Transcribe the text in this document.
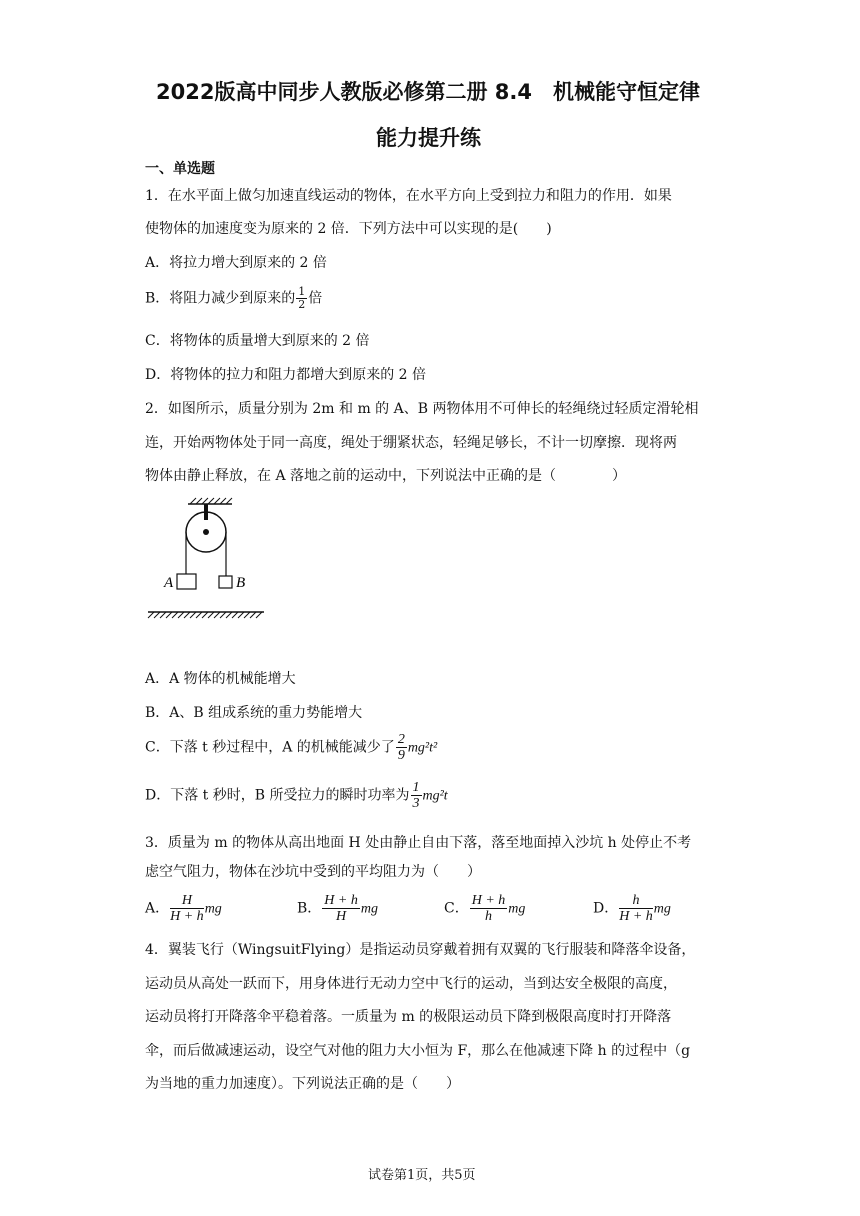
2022版高中同步人教版必修第二册 8.4　机械能守恒定律
能力提升练
一、单选题
1．在水平面上做匀加速直线运动的物体，在水平方向上受到拉力和阻力的作用．如果
使物体的加速度变为原来的 2 倍．下列方法中可以实现的是(　　)
A．将拉力增大到原来的 2 倍
B．将阻力减少到原来的 $\frac{1}{2}$ 倍
C．将物体的质量增大到原来的 2 倍
D．将物体的拉力和阻力都增大到原来的 2 倍
2．如图所示，质量分别为 2m 和 m 的 A、B 两物体用不可伸长的轻绳绕过轻质定滑轮相
连，开始两物体处于同一高度，绳处于绷紧状态，轻绳足够长，不计一切摩擦．现将两
物体由静止释放，在 A 落地之前的运动中，下列说法中正确的是（　　　　）
A	B
A．A 物体的机械能增大
B．A、B 组成系统的重力势能增大
C．下落 t 秒过程中，A 的机械能减少了 $\frac{2}{9} mg^2t^2$
D．下落 t 秒时，B 所受拉力的瞬时功率为 $\frac{1}{3} mg^2t$
3．质量为 m 的物体从高出地面 H 处由静止自由下落，落至地面掉入沙坑 h 处停止不考
虑空气阻力，物体在沙坑中受到的平均阻力为（　　）
A． $\frac{H}{H + h}$ mg	B． $\frac{H + h}{H}$ mg	C． $\frac{H + h}{h}$ mg	D． $\frac{h}{H + h}$ mg
4．翼装飞行（WingsuitFlying）是指运动员穿戴着拥有双翼的飞行服装和降落伞设备，
运动员从高处一跃而下，用身体进行无动力空中飞行的运动，当到达安全极限的高度，
运动员将打开降落伞平稳着落。一质量为 m 的极限运动员下降到极限高度时打开降落
伞，而后做减速运动，设空气对他的阻力大小恒为 F，那么在他减速下降 h 的过程中（g
为当地的重力加速度）。下列说法正确的是（　　）
试卷第1页，共5页
